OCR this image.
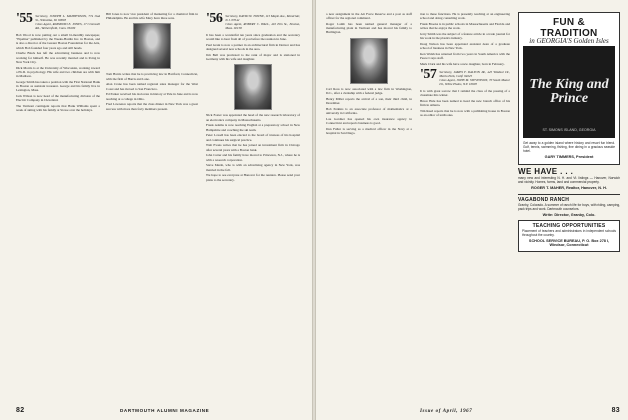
'55 Secretary, JOSEPH L. MATHEWSON, 774 Oak St., Winnetka, Ill. 60093
Class Agent, RAYMOND E. JONES, 17 Cromwell Rd., Wethersfield, Conn. 06109

Bob Wood is now putting out a small bi-monthly newspaper, "Pipeline" published by the Weeks-Hardin Inc. in Boston, and is also a director of the Greater Boston Foundation for the Arts, which Bob founded four years ago and still heads.

Charlie Black has left the advertising business and is now working for himself. He was recently married and is living in New York City.

Dick Morris is at the University of Wisconsin, working toward a Ph.D. in psychology. His wife and two children are with him in Madison.

George Smith has taken a position with the First National Bank in Boston as assistant treasurer. George and his family live in Lexington, Mass.

Jack Wilson is now head of the manufacturing division of the Electric Company in Cleveland.

The Vermont contingent reports that Hank Williams spent a week of skiing with his family at Stowe over the holidays.

Bill Jones is now vice president of marketing for a chemical firm in Philadelphia. He and his wife Mary have three sons.

Tom Harris writes that he is practicing law in Hartford, Connecticut, with the firm of Harris and Lane.

Alan Crane has been named regional sales manager for the West Coast and has moved to San Francisco.

Ed Parker received his doctorate in history at Yale in June and is now teaching at a college in Ohio.

Fred Lawrence reports that the class dinner in New York was a great success with more than forty members present.

'56 Secretary, DAVID W. TOWNE, 115 Maple Ave., Montclair, N.J. 07042
Class Agent, ROBERT C. HALL, 410 Elm St., Newton, Mass. 02158

It has been a wonderful ten years since graduation and the secretary would like to hear from all of you before the reunion in June.

Paul Grant is now a partner in an architectural firm in Denver and has designed several new schools in the area.

Jim Bell was promoted to the rank of major and is stationed in Germany with his wife and daughter.

Nick Foster was appointed the head of the new research laboratory of an electronics company in Massachusetts.

Frank Adams is now teaching English at a preparatory school in New Hampshire and coaching the ski team.

Peter Lowell has been elected to the board of trustees of his hospital and continues his surgical practice.

Walt Evans writes that he has joined an investment firm in Chicago after several years with a Boston bank.

John Carter and his family have moved to Princeton, N.J., where he is with a research corporation.

Steve Marsh, who is with an advertising agency in New York, was married in the fall.

We hope to see everyone at Hanover for the reunion. Please send your plans to the secretary.

82	DARTMOUTH ALUMNI MAGAZINE

a new assignment in the Air Force Reserve and a post as staff officer for the regional command.

Roger Lamb has been named general manager of a manufacturing plant in Vermont and has moved his family to Burlington.

Carl Ross is now associated with a law firm in Washington, D.C., after a clerkship with a federal judge.

Henry Miller reports the arrival of a son, their third child, in December.

Bob Perkins is an associate professor of mathematics at a university in California.

Lou Gardner has opened his own insurance agency in Connecticut and reports business is good.

Dan Fuller is serving as a medical officer in the Navy at a hospital in San Diego.

tion to these functions. He is presently teaching at an engineering school and doing consulting work.

Frank Brooks is in public schools in Massachusetts and Florida and writes that he enjoys the work.

Jerry Smith was the subject of a feature article in a trade journal for his work in the plastics industry.

Doug Nelson has been appointed assistant dean of a graduate school of business in New York.

Ken Walsh has returned from two years in South America with the Peace Corps staff.

Mark Clark and his wife have a new daughter, born in February.

'57 Secretary, JAMES F. DALTON JR., 445 Windsor Dr., Menlo Park, Calif. 94025
Class Agent, JOHN M. STEVENSON, 70 South Manor Dr., White Plains, N.Y. 10603

It is with great sorrow that I remind the class of the passing of a classmate this winter.

Bruce Hale has been named to head the new branch office of his firm in Atlanta.

Tim Reed reports that he is now with a publishing house in Boston as an editor of textbooks.

FUN & TRADITION
in GEORGIA'S Golden Isles
The King and Prince
ST. SIMONS ISLAND, GEORGIA
Get away to a golden island where history and resort fun blend. Golf, tennis, swimming, fishing, fine dining in a gracious seaside hotel.
GARY TIMMERS, President
WE HAVE . . .
many new and interesting N. H. and Vt. listings — Hanover, Norwich and vicinity. Homes, farms, land and commercial property.
ROGER T. MAHER, Realtor, Hanover, N. H.
VAGABOND RANCH
Granby, Colorado. A summer of ranch life for boys, with riding, camping, pack trips and work. Dartmouth counselors.
Write: Director, Granby, Colo.
TEACHING OPPORTUNITIES
Placement of teachers and administrators in independent schools throughout the country.
SCHOOL SERVICE BUREAU, P. O. Box 278 I, Windsor, Connecticut
Issue of April, 1967	83
